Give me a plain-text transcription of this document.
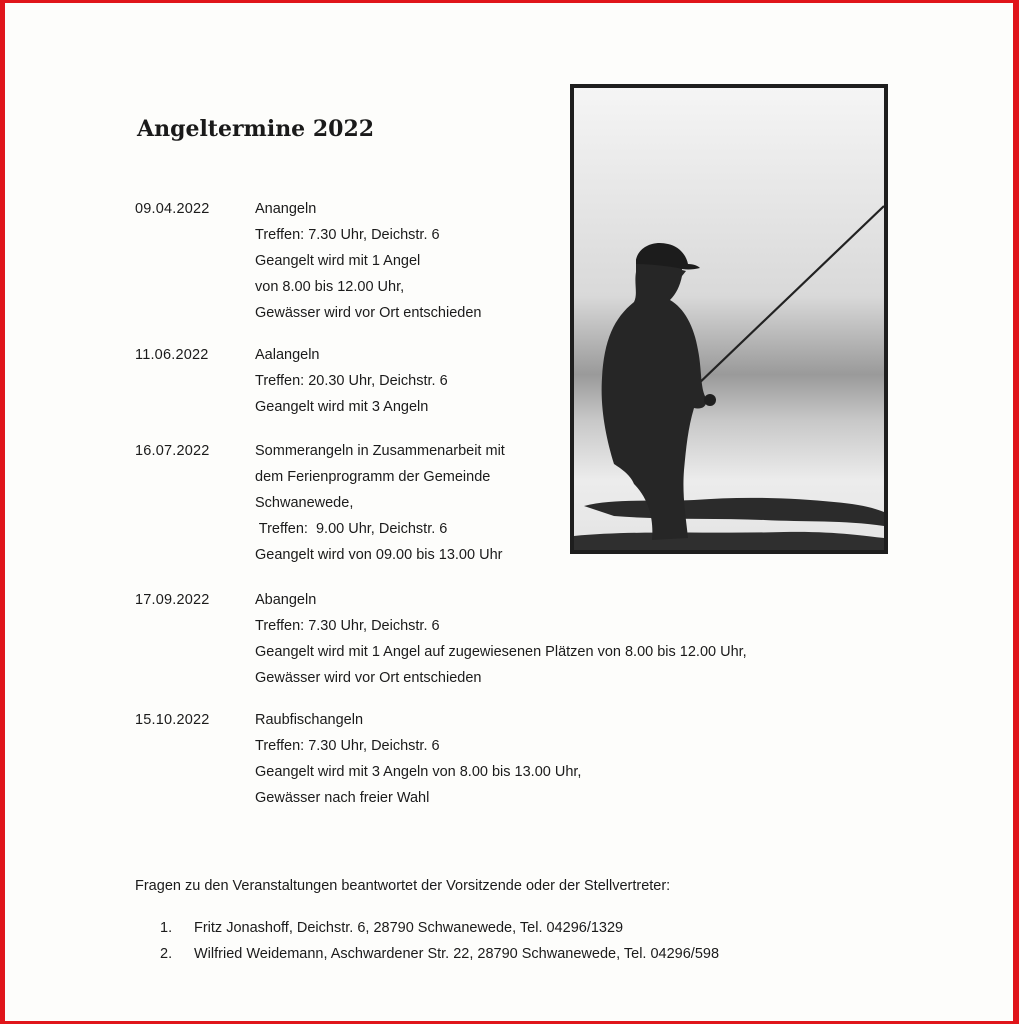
Angeltermine 2022
09.04.2022	Anangeln
Treffen: 7.30 Uhr, Deichstr. 6
Geangelt wird mit 1 Angel
von 8.00 bis 12.00 Uhr,
Gewässer wird vor Ort entschieden
11.06.2022	Aalangeln
Treffen: 20.30 Uhr, Deichstr. 6
Geangelt wird mit 3 Angeln
16.07.2022	Sommerangeln in Zusammenarbeit mit
dem Ferienprogramm der Gemeinde
Schwanewede,
Treffen:  9.00 Uhr, Deichstr. 6
Geangelt wird von 09.00 bis 13.00 Uhr
17.09.2022	Abangeln
Treffen: 7.30 Uhr, Deichstr. 6
Geangelt wird mit 1 Angel auf zugewiesenen Plätzen von 8.00 bis 12.00 Uhr,
Gewässer wird vor Ort entschieden
15.10.2022	Raubfischangeln
Treffen: 7.30 Uhr, Deichstr. 6
Geangelt wird mit 3 Angeln von 8.00 bis 13.00 Uhr,
Gewässer nach freier Wahl
Fragen zu den Veranstaltungen beantwortet der Vorsitzende oder der Stellvertreter:
1. Fritz Jonashoff, Deichstr. 6, 28790 Schwanewede, Tel. 04296/1329
2. Wilfried Weidemann, Aschwardener Str. 22, 28790 Schwanewede, Tel. 04296/598
